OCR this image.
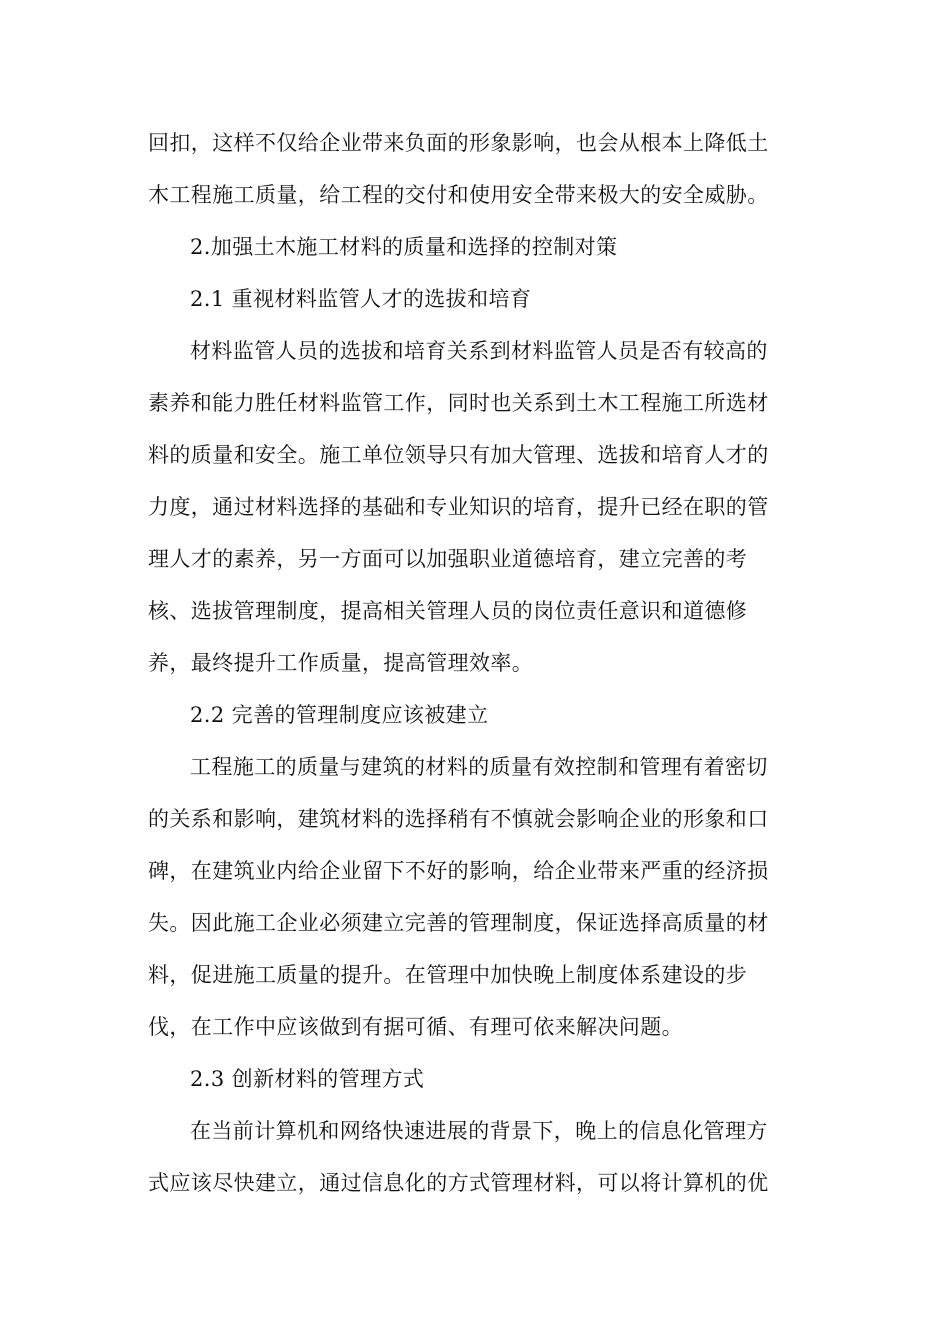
回扣，这样不仅给企业带来负面的形象影响，也会从根本上降低土

木工程施工质量，给工程的交付和使用安全带来极大的安全威胁。

2.加强土木施工材料的质量和选择的控制对策

2.1 重视材料监管人才的选拔和培育

材料监管人员的选拔和培育关系到材料监管人员是否有较高的

素养和能力胜任材料监管工作，同时也关系到土木工程施工所选材

料的质量和安全。施工单位领导只有加大管理、选拔和培育人才的

力度，通过材料选择的基础和专业知识的培育，提升已经在职的管

理人才的素养，另一方面可以加强职业道德培育，建立完善的考

核、选拔管理制度，提高相关管理人员的岗位责任意识和道德修

养，最终提升工作质量，提高管理效率。

2.2 完善的管理制度应该被建立

工程施工的质量与建筑的材料的质量有效控制和管理有着密切

的关系和影响，建筑材料的选择稍有不慎就会影响企业的形象和口

碑，在建筑业内给企业留下不好的影响，给企业带来严重的经济损

失。因此施工企业必须建立完善的管理制度，保证选择高质量的材

料，促进施工质量的提升。在管理中加快晚上制度体系建设的步

伐，在工作中应该做到有据可循、有理可依来解决问题。

2.3 创新材料的管理方式

在当前计算机和网络快速进展的背景下，晚上的信息化管理方

式应该尽快建立，通过信息化的方式管理材料，可以将计算机的优
